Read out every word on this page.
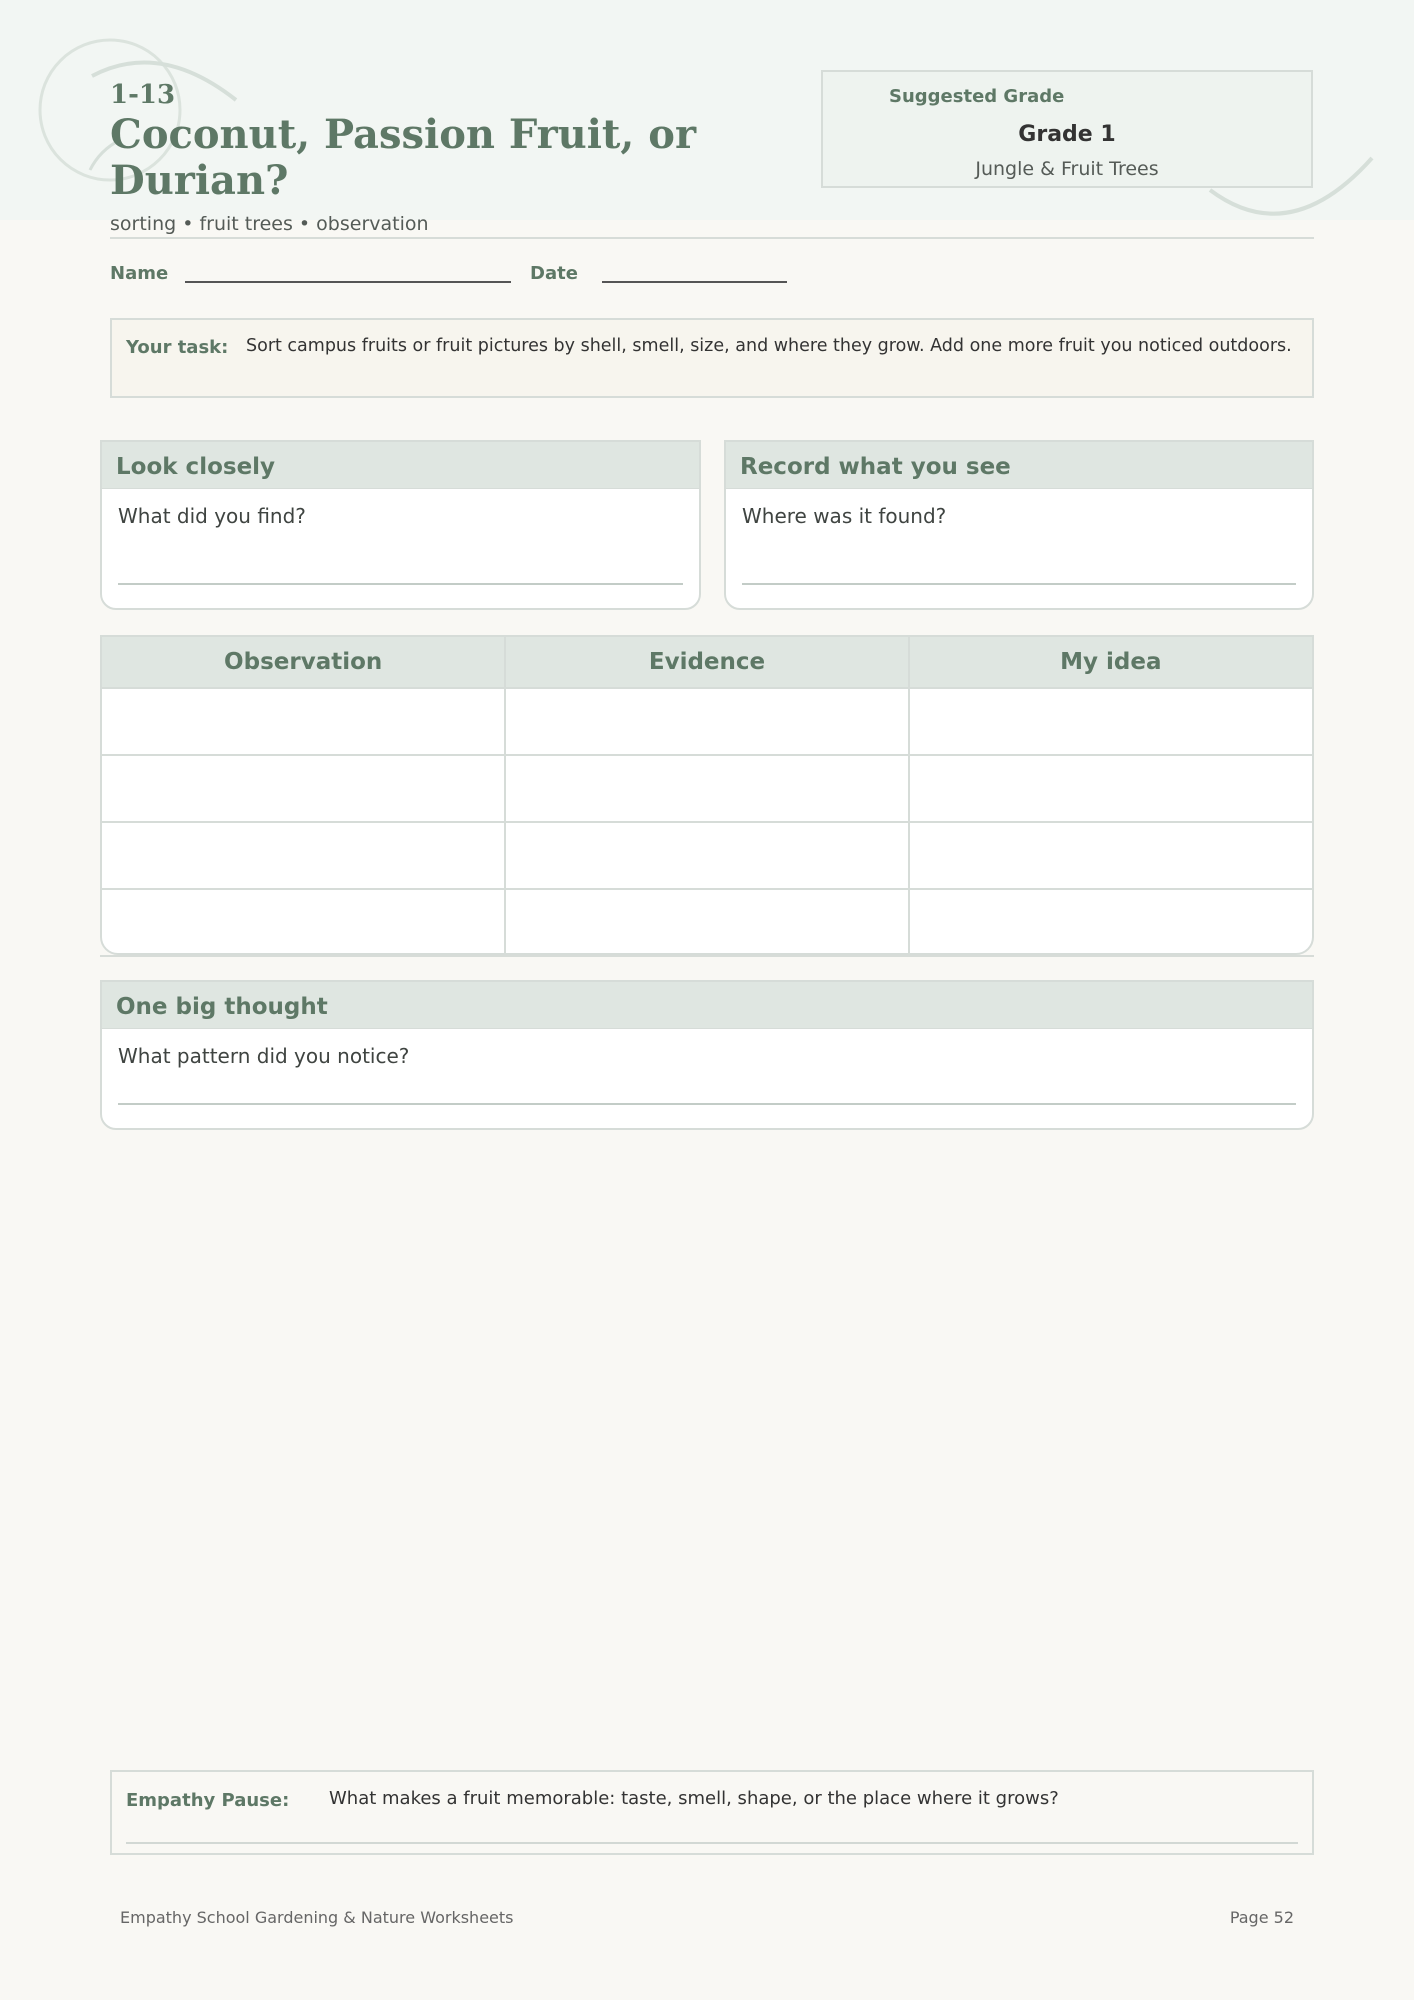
1-13
Coconut, Passion Fruit, or Durian?
sorting • fruit trees • observation
Suggested Grade
Grade 1
Jungle & Fruit Trees
Name	Date
Your task: Sort campus fruits or fruit pictures by shell, smell, size, and where they grow. Add one more fruit you noticed outdoors.
Look closely
What did you find?
Record what you see
Where was it found?
Observation	Evidence	My idea

One big thought
What pattern did you notice?
Empathy Pause: What makes a fruit memorable: taste, smell, shape, or the place where it grows?
Empathy School Gardening & Nature Worksheets	Page 52
